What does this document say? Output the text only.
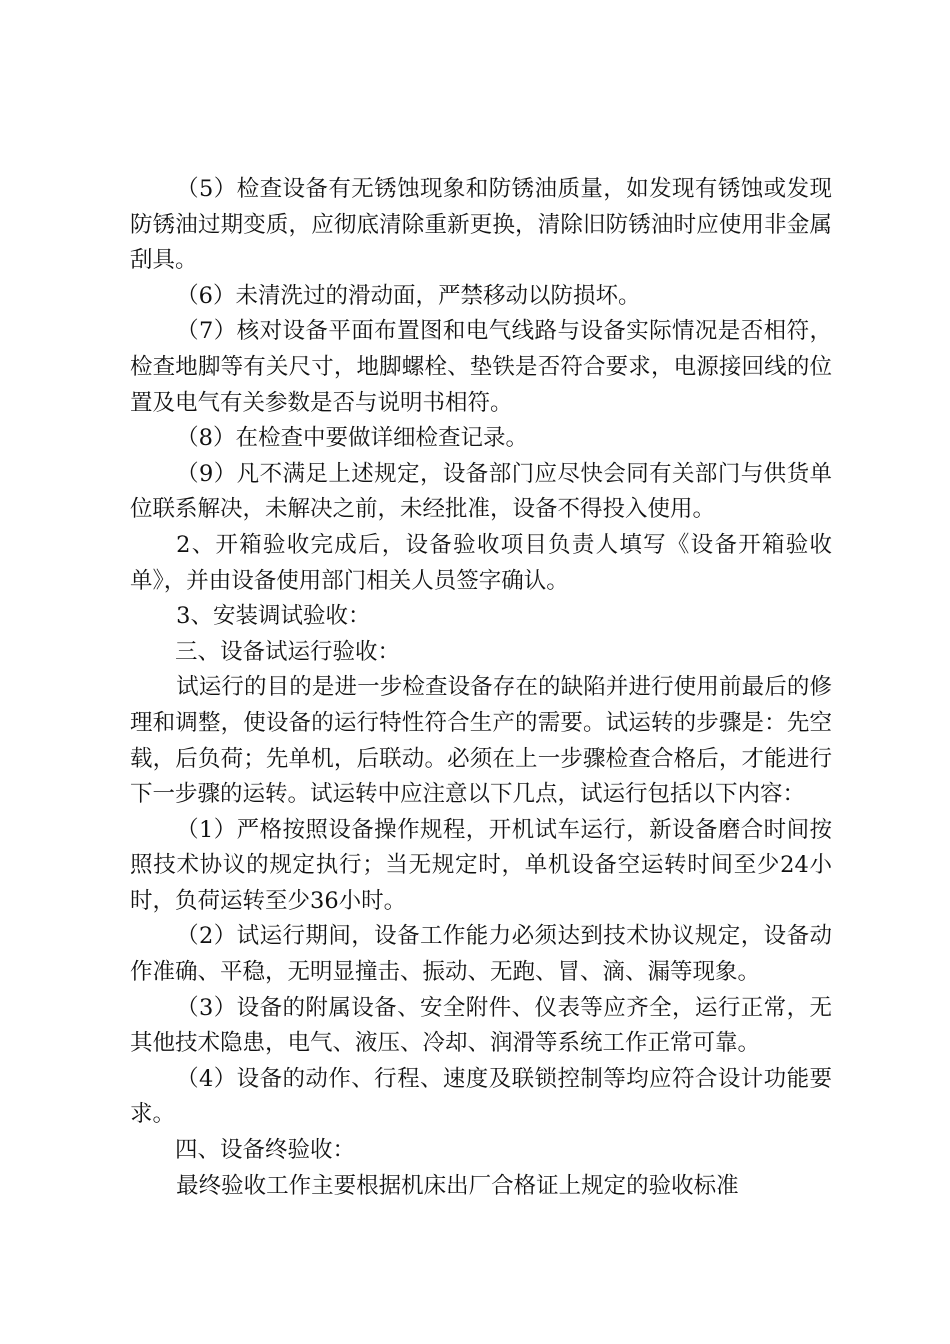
（5）检查设备有无锈蚀现象和防锈油质量，如发现有锈蚀或发现防锈油过期变质，应彻底清除重新更换，清除旧防锈油时应使用非金属刮具。

（6）未清洗过的滑动面，严禁移动以防损坏。

（7）核对设备平面布置图和电气线路与设备实际情况是否相符，检查地脚等有关尺寸，地脚螺栓、垫铁是否符合要求，电源接回线的位置及电气有关参数是否与说明书相符。

（8）在检查中要做详细检查记录。

（9）凡不满足上述规定，设备部门应尽快会同有关部门与供货单位联系解决，未解决之前，未经批准，设备不得投入使用。

2、开箱验收完成后，设备验收项目负责人填写《设备开箱验收单》，并由设备使用部门相关人员签字确认。

3、安装调试验收：

三、设备试运行验收：

试运行的目的是进一步检查设备存在的缺陷并进行使用前最后的修理和调整，使设备的运行特性符合生产的需要。试运转的步骤是：先空载，后负荷；先单机，后联动。必须在上一步骤检查合格后，才能进行下一步骤的运转。试运转中应注意以下几点，试运行包括以下内容：

（1）严格按照设备操作规程，开机试车运行，新设备磨合时间按照技术协议的规定执行；当无规定时，单机设备空运转时间至少24小时，负荷运转至少36小时。

（2）试运行期间，设备工作能力必须达到技术协议规定，设备动作准确、平稳，无明显撞击、振动、无跑、冒、滴、漏等现象。

（3）设备的附属设备、安全附件、仪表等应齐全，运行正常，无其他技术隐患，电气、液压、冷却、润滑等系统工作正常可靠。

（4）设备的动作、行程、速度及联锁控制等均应符合设计功能要求。

四、设备终验收：

最终验收工作主要根据机床出厂合格证上规定的验收标准
